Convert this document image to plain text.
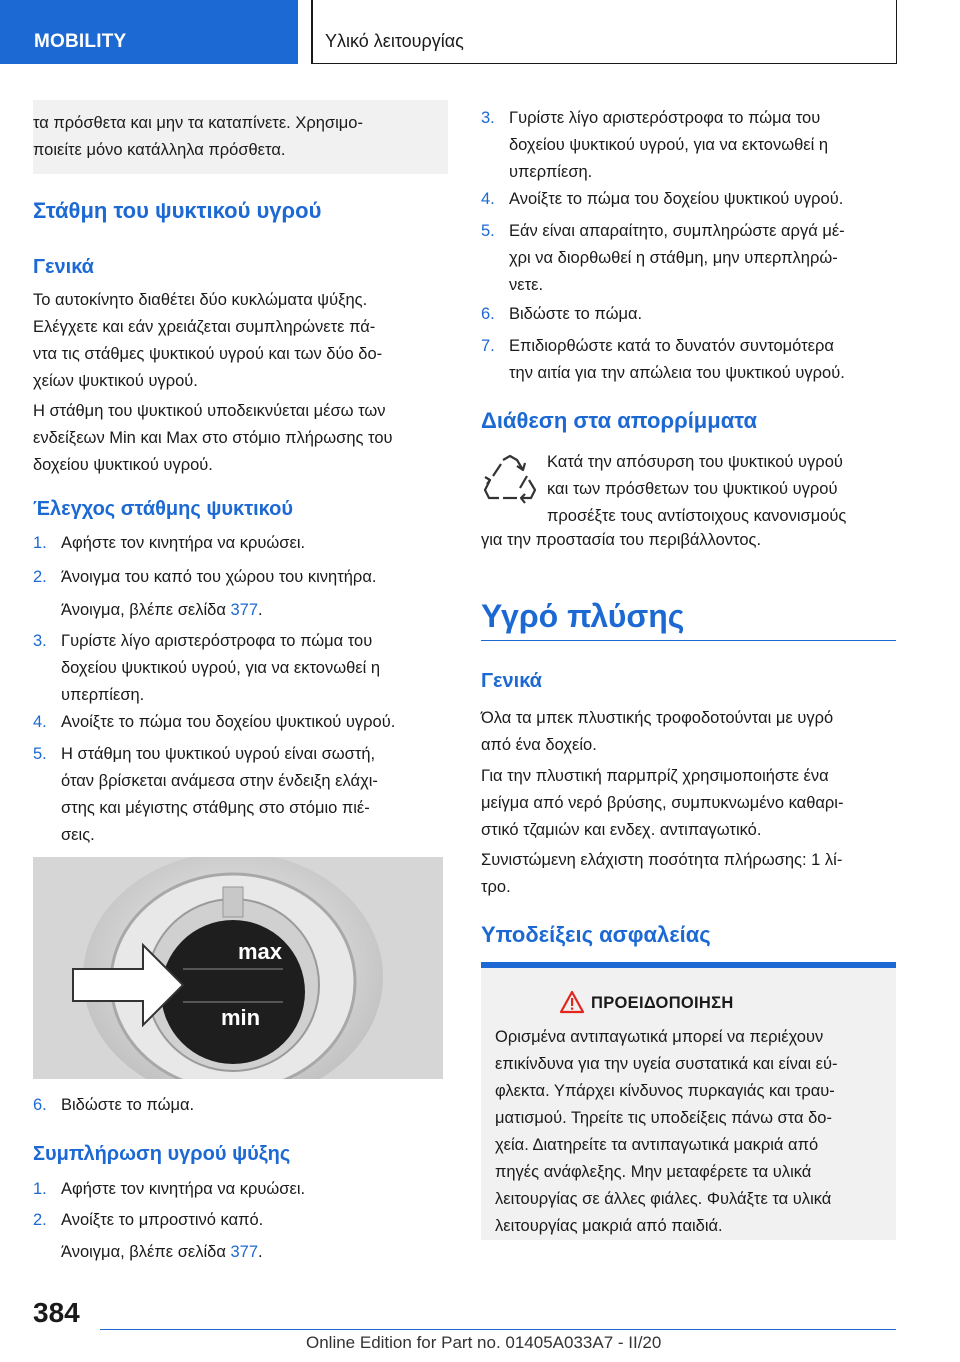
MOBILITY	Υλικό λειτουργίας
τα πρόσθετα και μην τα καταπίνετε. Χρησιμο-
ποιείτε μόνο κατάλληλα πρόσθετα.
Στάθμη του ψυκτικού υγρού
Γενικά
Το αυτοκίνητο διαθέτει δύο κυκλώματα ψύξης.
Ελέγχετε και εάν χρειάζεται συμπληρώνετε πά-
ντα τις στάθμες ψυκτικού υγρού και των δύο δο-
χείων ψυκτικού υγρού.
Η στάθμη του ψυκτικού υποδεικνύεται μέσω των
ενδείξεων Min και Max στο στόμιο πλήρωσης του
δοχείου ψυκτικού υγρού.
Έλεγχος στάθμης ψυκτικού
1. Αφήστε τον κινητήρα να κρυώσει.
2. Άνοιγμα του καπό του χώρου του κινητήρα.
Άνοιγμα, βλέπε σελίδα 377.
3. Γυρίστε λίγο αριστερόστροφα το πώμα του
δοχείου ψυκτικού υγρού, για να εκτονωθεί η
υπερπίεση.
4. Ανοίξτε το πώμα του δοχείου ψυκτικού υγρού.
5. Η στάθμη του ψυκτικού υγρού είναι σωστή,
όταν βρίσκεται ανάμεσα στην ένδειξη ελάχι-
στης και μέγιστης στάθμης στο στόμιο πιέ-
σεις.
max
min
6. Βιδώστε το πώμα.
Συμπλήρωση υγρού ψύξης
1. Αφήστε τον κινητήρα να κρυώσει.
2. Ανοίξτε το μπροστινό καπό.
Άνοιγμα, βλέπε σελίδα 377.
3. Γυρίστε λίγο αριστερόστροφα το πώμα του
δοχείου ψυκτικού υγρού, για να εκτονωθεί η
υπερπίεση.
4. Ανοίξτε το πώμα του δοχείου ψυκτικού υγρού.
5. Εάν είναι απαραίτητο, συμπληρώστε αργά μέ-
χρι να διορθωθεί η στάθμη, μην υπερπληρώ-
νετε.
6. Βιδώστε το πώμα.
7. Επιδιορθώστε κατά το δυνατόν συντομότερα
την αιτία για την απώλεια του ψυκτικού υγρού.
Διάθεση στα απορρίμματα
Κατά την απόσυρση του ψυκτικού υγρού
και των πρόσθετων του ψυκτικού υγρού
προσέξτε τους αντίστοιχους κανονισμούς
για την προστασία του περιβάλλοντος.
Υγρό πλύσης
Γενικά
Όλα τα μπεκ πλυστικής τροφοδοτούνται με υγρό
από ένα δοχείο.
Για την πλυστική παρμπρίζ χρησιμοποιήστε ένα
μείγμα από νερό βρύσης, συμπυκνωμένο καθαρι-
στικό τζαμιών και ενδεχ. αντιπαγωτικό.
Συνιστώμενη ελάχιστη ποσότητα πλήρωσης: 1 λί-
τρο.
Υποδείξεις ασφαλείας
ΠΡΟΕΙΔΟΠΟΙΗΣΗ
Ορισμένα αντιπαγωτικά μπορεί να περιέχουν
επικίνδυνα για την υγεία συστατικά και είναι εύ-
φλεκτα. Υπάρχει κίνδυνος πυρκαγιάς και τραυ-
ματισμού. Τηρείτε τις υποδείξεις πάνω στα δο-
χεία. Διατηρείτε τα αντιπαγωτικά μακριά από
πηγές ανάφλεξης. Μην μεταφέρετε τα υλικά
λειτουργίας σε άλλες φιάλες. Φυλάξτε τα υλικά
λειτουργίας μακριά από παιδιά.
384
Online Edition for Part no. 01405A033A7 - II/20
